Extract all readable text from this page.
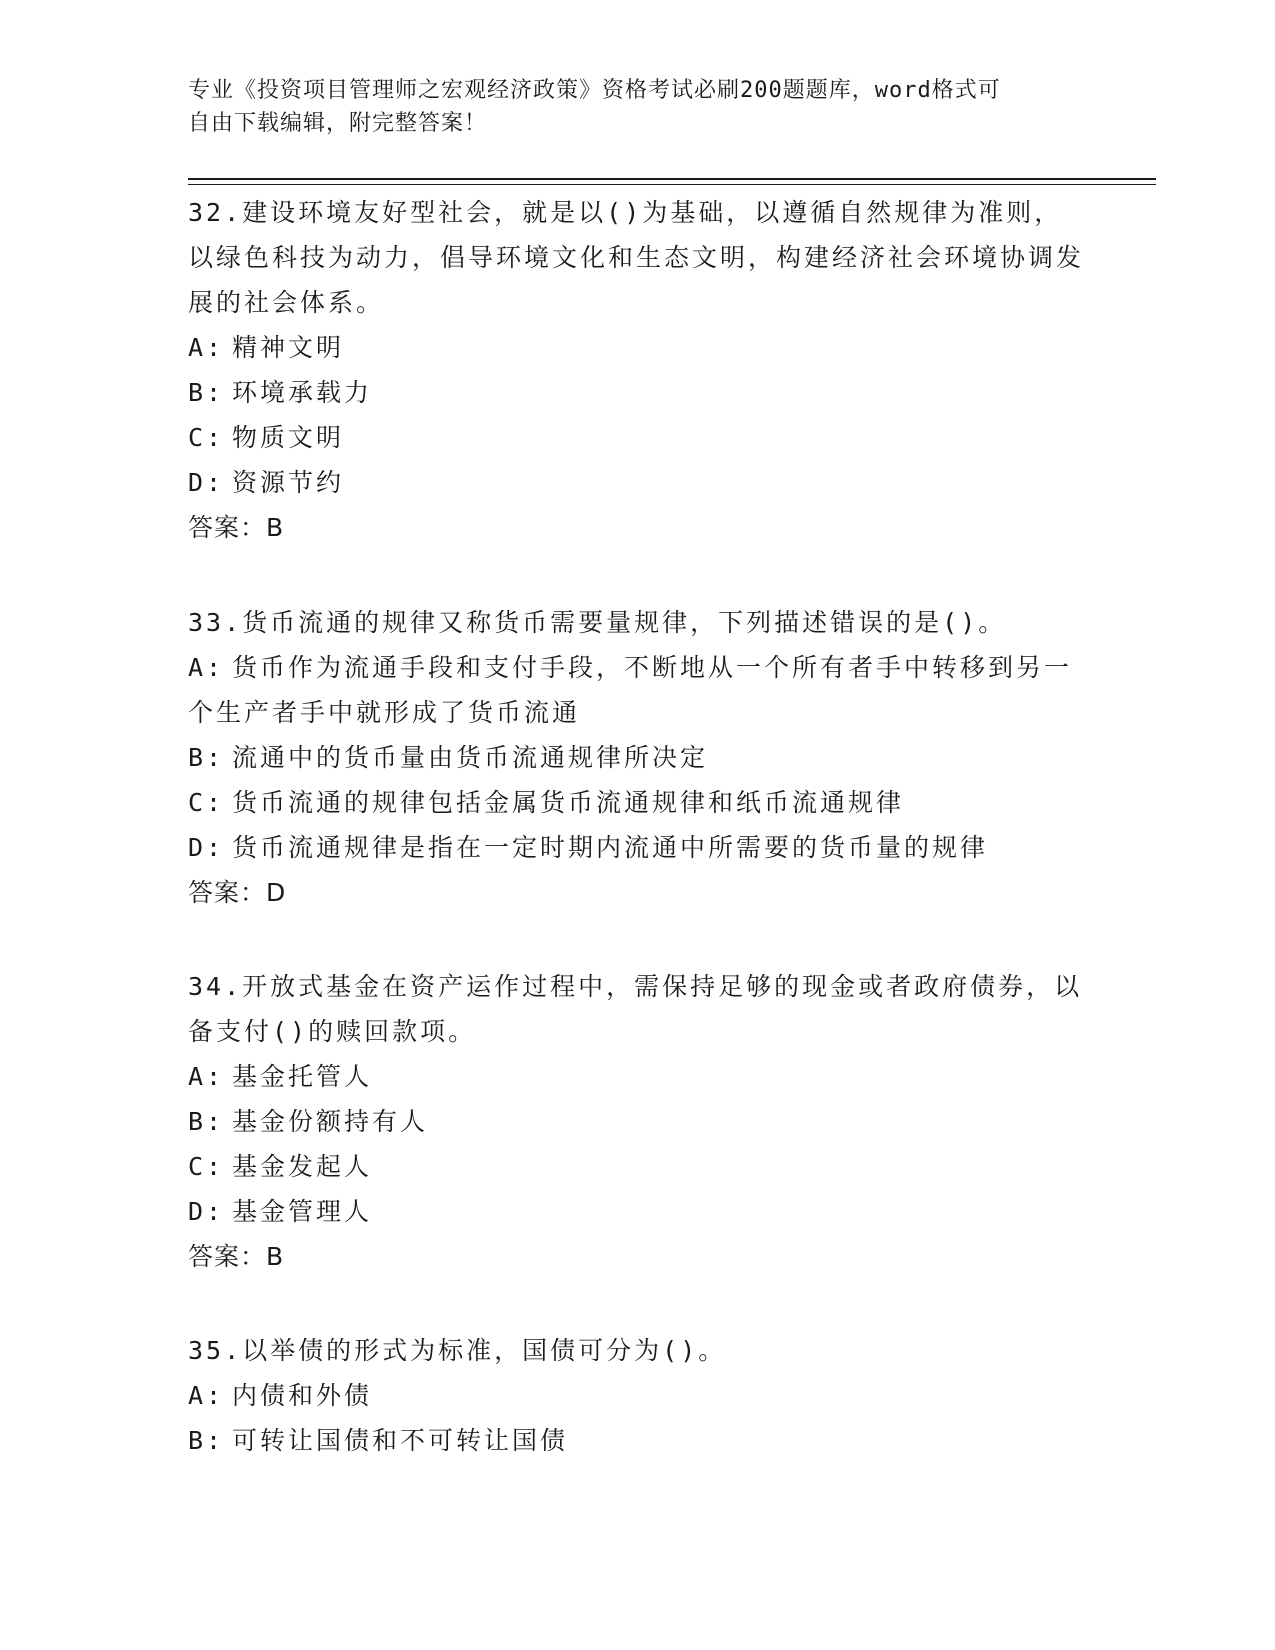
专业《投资项目管理师之宏观经济政策》资格考试必刷200题题库，word格式可
自由下载编辑，附完整答案！
32.建设环境友好型社会，就是以()为基础，以遵循自然规律为准则，以绿色科技为动力，倡导环境文化和生态文明，构建经济社会环境协调发展的社会体系。
A: 精神文明
B: 环境承载力
C: 物质文明
D: 资源节约
答案：B
33.货币流通的规律又称货币需要量规律，下列描述错误的是()。
A: 货币作为流通手段和支付手段，不断地从一个所有者手中转移到另一个生产者手中就形成了货币流通
B: 流通中的货币量由货币流通规律所决定
C: 货币流通的规律包括金属货币流通规律和纸币流通规律
D: 货币流通规律是指在一定时期内流通中所需要的货币量的规律
答案：D
34.开放式基金在资产运作过程中，需保持足够的现金或者政府债券，以备支付()的赎回款项。
A: 基金托管人
B: 基金份额持有人
C: 基金发起人
D: 基金管理人
答案：B
35.以举债的形式为标准，国债可分为()。
A: 内债和外债
B: 可转让国债和不可转让国债
